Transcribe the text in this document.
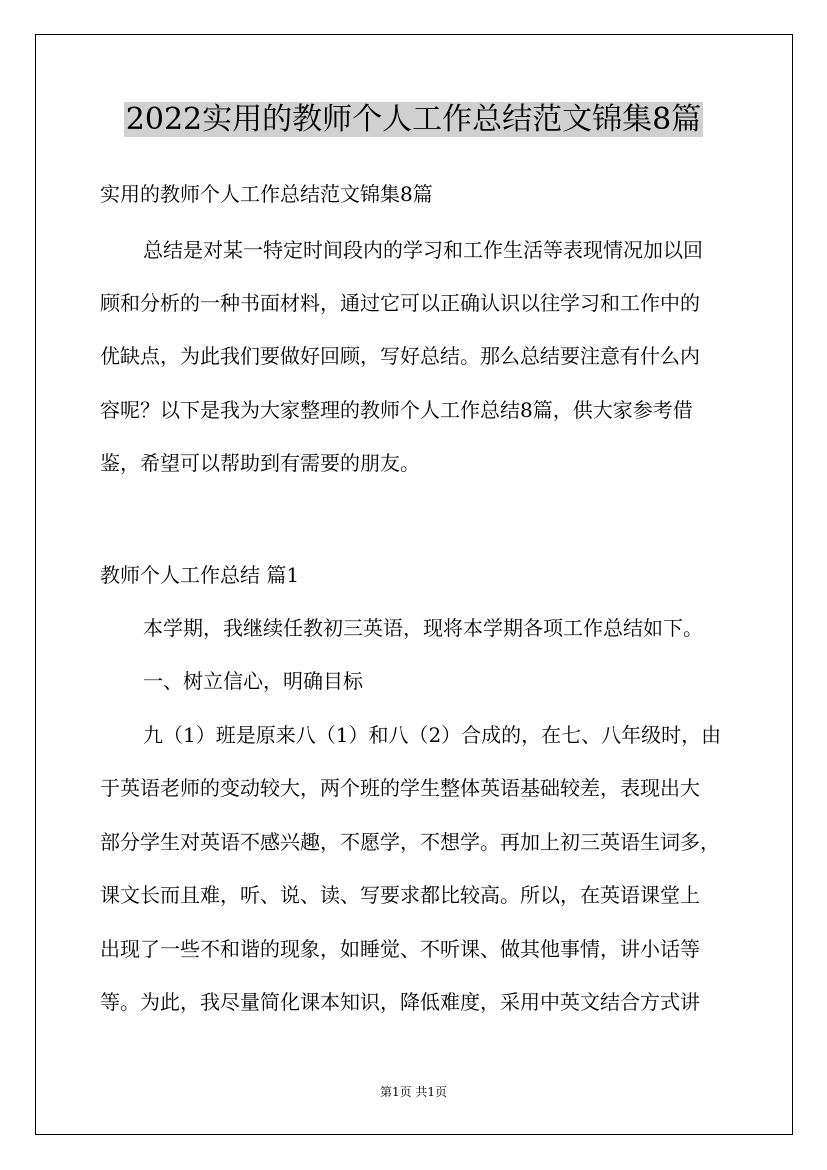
2022实用的教师个人工作总结范文锦集8篇
实用的教师个人工作总结范文锦集8篇
总结是对某一特定时间段内的学习和工作生活等表现情况加以回
顾和分析的一种书面材料，通过它可以正确认识以往学习和工作中的
优缺点，为此我们要做好回顾，写好总结。那么总结要注意有什么内
容呢？以下是我为大家整理的教师个人工作总结8篇，供大家参考借
鉴，希望可以帮助到有需要的朋友。
教师个人工作总结 篇1
本学期，我继续任教初三英语，现将本学期各项工作总结如下。
一、树立信心，明确目标
九（1）班是原来八（1）和八（2）合成的，在七、八年级时，由
于英语老师的变动较大，两个班的学生整体英语基础较差，表现出大
部分学生对英语不感兴趣，不愿学，不想学。再加上初三英语生词多，
课文长而且难，听、说、读、写要求都比较高。所以，在英语课堂上
出现了一些不和谐的现象，如睡觉、不听课、做其他事情，讲小话等
等。为此，我尽量简化课本知识，降低难度，采用中英文结合方式讲
第1页 共1页
